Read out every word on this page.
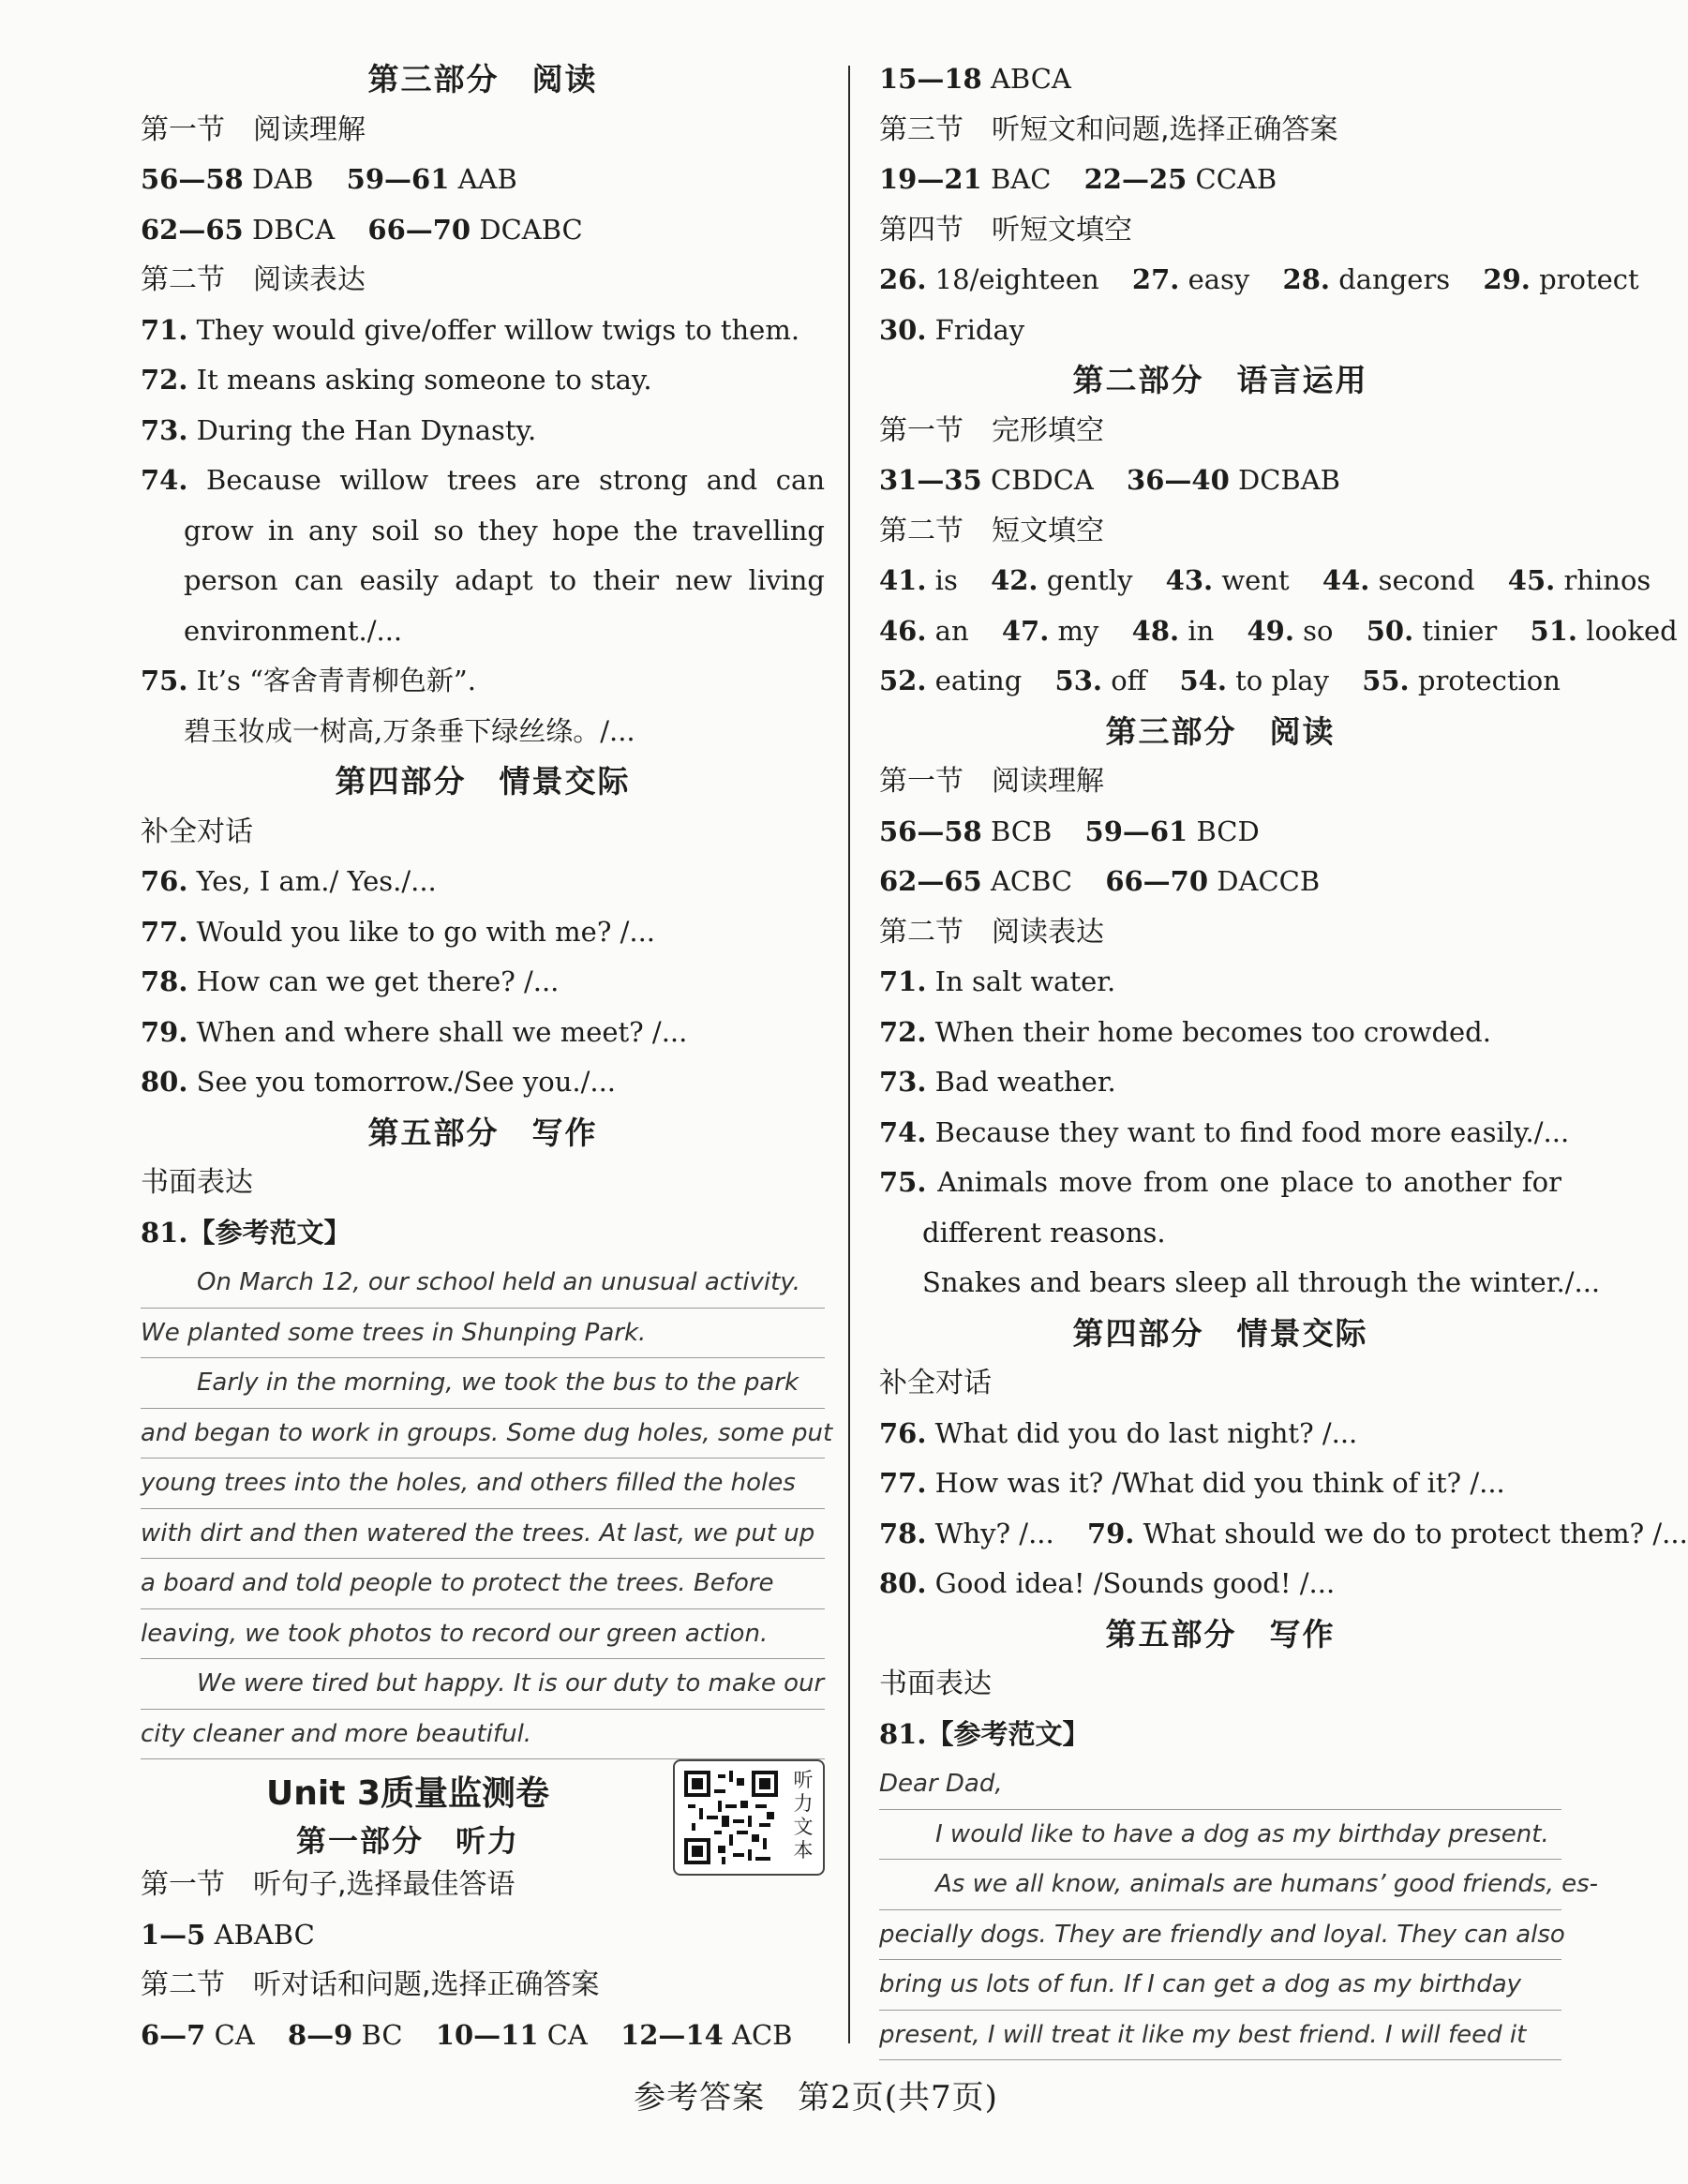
第三部分　阅读
第一节　阅读理解
56—58 DAB 59—61 AAB
62—65 DBCA 66—70 DCABC
第二节　阅读表达
71. They would give/offer willow twigs to them.
72. It means asking someone to stay.
73. During the Han Dynasty.
74. Because willow trees are strong and can grow in any soil so they hope the travelling person can easily adapt to their new living environment./...
75. It’s “客舍青青柳色新”.
碧玉妆成一树高,万条垂下绿丝绦。/...
第四部分　情景交际
补全对话
76. Yes, I am./ Yes./...
77. Would you like to go with me? /...
78. How can we get there? /...
79. When and where shall we meet? /...
80. See you tomorrow./See you./...
第五部分　写作
书面表达
81.【参考范文】
On March 12, our school held an unusual activity.
We planted some trees in Shunping Park.
Early in the morning, we took the bus to the park
and began to work in groups. Some dug holes, some put
young trees into the holes, and others filled the holes
with dirt and then watered the trees. At last, we put up
a board and told people to protect the trees. Before
leaving, we took photos to record our green action.
We were tired but happy. It is our duty to make our
city cleaner and more beautiful.
Unit 3质量监测卷
第一部分　听力
听力文本
第一节　听句子,选择最佳答语
1—5 ABABC
第二节　听对话和问题,选择正确答案
6—7 CA 8—9 BC 10—11 CA 12—14 ACB
15—18 ABCA
第三节　听短文和问题,选择正确答案
19—21 BAC 22—25 CCAB
第四节　听短文填空
26. 18/eighteen 27. easy 28. dangers 29. protect
30. Friday
第二部分　语言运用
第一节　完形填空
31—35 CBDCA 36—40 DCBAB
第二节　短文填空
41. is 42. gently 43. went 44. second 45. rhinos
46. an 47. my 48. in 49. so 50. tinier 51. looked
52. eating 53. off 54. to play 55. protection
第三部分　阅读
第一节　阅读理解
56—58 BCB 59—61 BCD
62—65 ACBC 66—70 DACCB
第二节　阅读表达
71. In salt water.
72. When their home becomes too crowded.
73. Bad weather.
74. Because they want to find food more easily./...
75. Animals move from one place to another for different reasons.
Snakes and bears sleep all through the winter./...
第四部分　情景交际
补全对话
76. What did you do last night? /...
77. How was it? /What did you think of it? /...
78. Why? /... 79. What should we do to protect them? /...
80. Good idea! /Sounds good! /...
第五部分　写作
书面表达
81.【参考范文】
Dear Dad,
I would like to have a dog as my birthday present.
As we all know, animals are humans’ good friends, es-
pecially dogs. They are friendly and loyal. They can also
bring us lots of fun. If I can get a dog as my birthday
present, I will treat it like my best friend. I will feed it
参考答案　第2页(共7页)
